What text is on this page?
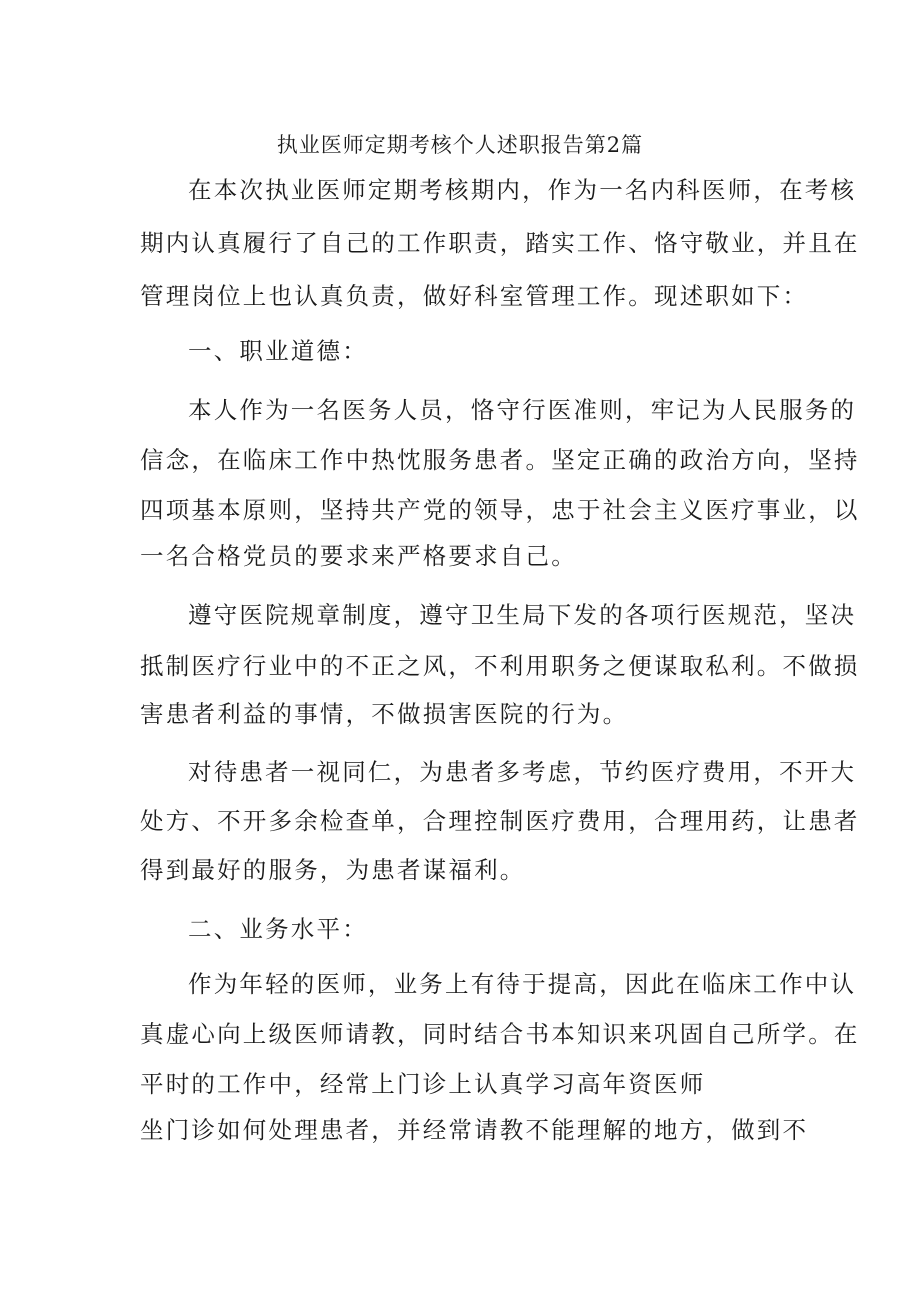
执业医师定期考核个人述职报告第2篇
在本次执业医师定期考核期内，作为一名内科医师，在考核
期内认真履行了自己的工作职责，踏实工作、恪守敬业，并且在
管理岗位上也认真负责，做好科室管理工作。现述职如下：
一、职业道德：
本人作为一名医务人员，恪守行医准则，牢记为人民服务的
信念，在临床工作中热忱服务患者。坚定正确的政治方向，坚持
四项基本原则，坚持共产党的领导，忠于社会主义医疗事业，以
一名合格党员的要求来严格要求自己。
遵守医院规章制度，遵守卫生局下发的各项行医规范，坚决
抵制医疗行业中的不正之风，不利用职务之便谋取私利。不做损
害患者利益的事情，不做损害医院的行为。
对待患者一视同仁，为患者多考虑，节约医疗费用，不开大
处方、不开多余检查单，合理控制医疗费用，合理用药，让患者
得到最好的服务，为患者谋福利。
二、业务水平：
作为年轻的医师，业务上有待于提高，因此在临床工作中认
真虚心向上级医师请教，同时结合书本知识来巩固自己所学。在
平时的工作中，经常上门诊上认真学习高年资医师
坐门诊如何处理患者，并经常请教不能理解的地方，做到不
